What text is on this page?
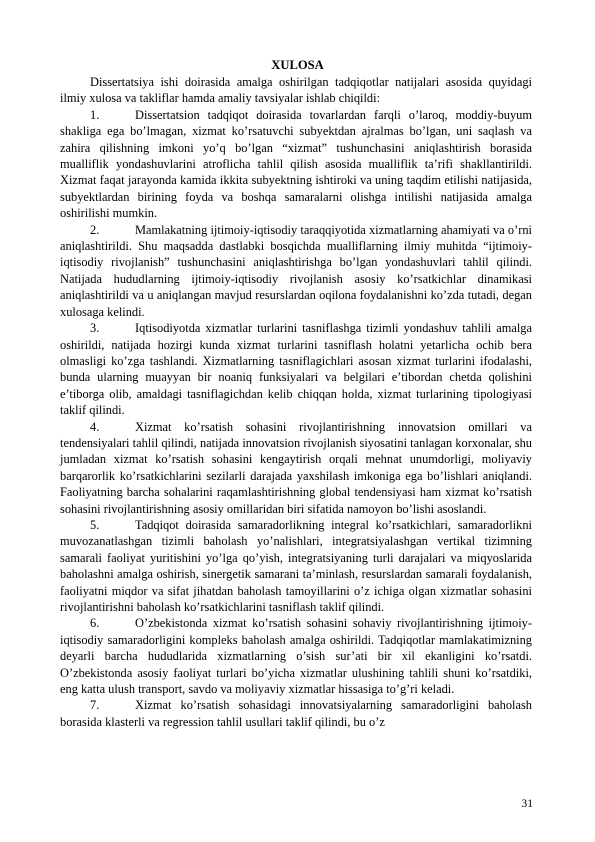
XULOSA

Dissertatsiya ishi doirasida amalga oshirilgan tadqiqotlar natijalari asosida quyidagi ilmiy xulosa va takliflar hamda amaliy tavsiyalar ishlab chiqildi:

1.	Dissertatsion tadqiqot doirasida tovarlardan farqli o’laroq, moddiy-buyum shakliga ega bo’lmagan, xizmat ko’rsatuvchi subyektdan ajralmas bo’lgan, uni saqlash va zahira qilishning imkoni yo’q bo’lgan “xizmat” tushunchasini aniqlashtirish borasida mualliflik yondashuvlarini atroflicha tahlil qilish asosida mualliflik ta’rifi shakllantirildi. Xizmat faqat jarayonda kamida ikkita subyektning ishtiroki va uning taqdim etilishi natijasida, subyektlardan birining foyda va boshqa samaralarni olishga intilishi natijasida amalga oshirilishi mumkin.

2.	Mamlakatning ijtimoiy-iqtisodiy taraqqiyotida xizmatlarning ahamiyati va o’rni aniqlashtirildi. Shu maqsadda dastlabki bosqichda mualliflarning ilmiy muhitda “ijtimoiy-iqtisodiy rivojlanish” tushunchasini aniqlashtirishga bo’lgan yondashuvlari tahlil qilindi. Natijada hududlarning ijtimoiy-iqtisodiy rivojlanish asosiy ko’rsatkichlar dinamikasi aniqlashtirildi va u aniqlangan mavjud resurslardan oqilona foydalanishni ko’zda tutadi, degan xulosaga kelindi.

3.	Iqtisodiyotda xizmatlar turlarini tasniflashga tizimli yondashuv tahlili amalga oshirildi, natijada hozirgi kunda xizmat turlarini tasniflash holatni yetarlicha ochib bera olmasligi ko’zga tashlandi. Xizmatlarning tasniflagichlari asosan xizmat turlarini ifodalashi, bunda ularning muayyan bir noaniq funksiyalari va belgilari e’tibordan chetda qolishini e’tiborga olib, amaldagi tasniflagichdan kelib chiqqan holda, xizmat turlarining tipologiyasi taklif qilindi.

4.	Xizmat ko’rsatish sohasini rivojlantirishning innovatsion omillari va tendensiyalari tahlil qilindi, natijada innovatsion rivojlanish siyosatini tanlagan korxonalar, shu jumladan xizmat ko’rsatish sohasini kengaytirish orqali mehnat unumdorligi, moliyaviy barqarorlik ko’rsatkichlarini sezilarli darajada yaxshilash imkoniga ega bo’lishlari aniqlandi. Faoliyatning barcha sohalarini raqamlashtirishning global tendensiyasi ham xizmat ko’rsatish sohasini rivojlantirishning asosiy omillaridan biri sifatida namoyon bo’lishi asoslandi.

5.	Tadqiqot doirasida samaradorlikning integral ko’rsatkichlari, samaradorlikni muvozanatlashgan tizimli baholash yo’nalishlari, integratsiyalashgan vertikal tizimning samarali faoliyat yuritishini yo’lga qo’yish, integratsiyaning turli darajalari va miqyoslarida baholashni amalga oshirish, sinergetik samarani ta’minlash, resurslardan samarali foydalanish, faoliyatni miqdor va sifat jihatdan baholash tamoyillarini o’z ichiga olgan xizmatlar sohasini rivojlantirishni baholash ko’rsatkichlarini tasniflash taklif qilindi.

6.	O’zbekistonda xizmat ko’rsatish sohasini sohaviy rivojlantirishning ijtimoiy-iqtisodiy samaradorligini kompleks baholash amalga oshirildi. Tadqiqotlar mamlakatimizning deyarli barcha hududlarida xizmatlarning o’sish sur’ati bir xil ekanligini ko’rsatdi. O’zbekistonda asosiy faoliyat turlari bo’yicha xizmatlar ulushining tahlili shuni ko’rsatdiki, eng katta ulush transport, savdo va moliyaviy xizmatlar hissasiga to’g’ri keladi.

7.	Xizmat ko’rsatish sohasidagi innovatsiyalarning samaradorligini baholash borasida klasterli va regression tahlil usullari taklif qilindi, bu o’z

31
